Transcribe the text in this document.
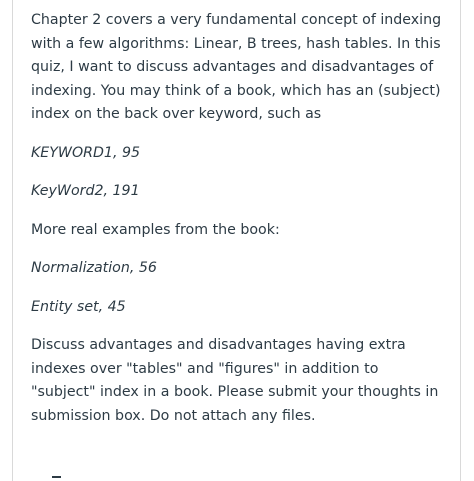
Chapter 2 covers a very fundamental concept of indexing with a few algorithms: Linear, B trees, hash tables. In this quiz, I want to discuss advantages and disadvantages of indexing. You may think of a book, which has an (subject) index on the back over keyword, such as

KEYWORD1, 95

KeyWord2, 191

More real examples from the book:

Normalization, 56

Entity set, 45

Discuss advantages and disadvantages having extra indexes over "tables" and "figures" in addition to "subject" index in a book. Please submit your thoughts in submission box. Do not attach any files.
